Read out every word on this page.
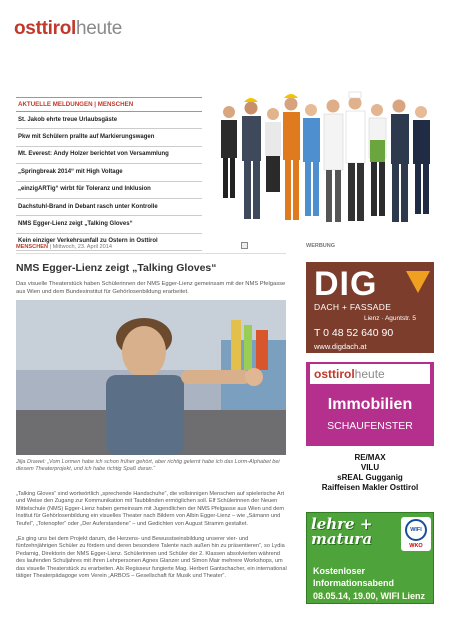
osttirolheute
AKTUELLE MELDUNGEN | MENSCHEN
St. Jakob ehrte treue Urlaubsgäste
Pkw mit Schülern prallte auf Markierungswagen
Mt. Everest: Andy Holzer berichtet von Versammlung
„Springbreak 2014“ mit High Voltage
„einzigARTig“ wirbt für Toleranz und Inklusion
Dachstuhl-Brand in Debant rasch unter Kontrolle
NMS Egger-Lienz zeigt „Talking Gloves“
Kein einziger Verkehrsunfall zu Ostern in Osttirol
MENSCHEN | Mittwoch, 23. April 2014
NMS Egger-Lienz zeigt „Talking Gloves“
Das visuelle Theaterstück haben Schülerinnen der NMS Egger-Lienz gemeinsam mit der NMS Pfelgasse aus Wien und dem Bundesinstitut für Gehörlosenbildung erarbeitet.
Jilja Drawel: „Vom Lormen habe ich schon früher gehört, aber richtig gelernt habe ich das Lorm-Alphabet bei diesem Theaterprojekt, und ich habe richtig Spaß daran.“
„Talking Gloves“ sind wortwörtlich „sprechende Handschuhe“, die vollsinnigen Menschen auf spielerische Art und Weise den Zugang zur Kommunikation mit Taubblinden ermöglichen soll. Elf Schülerinnen der Neuen Mittelschule (NMS) Egger-Lienz haben gemeinsam mit Jugendlichen der NMS Pfelgasse aus Wien und dem Institut für Gehörlosenbildung ein visuelles Theater nach Bildern von Albin Egger-Lienz – wie „Sämann und Teufel“, „Totenopfer“ oder „Der Auferstandene“ – und Gedichten von August Stramm gestaltet.
„Es ging uns bei dem Projekt darum, die Herzens- und Bewusstseinsbildung unserer vier- und fünfzehnjährigen Schüler zu fördern und deren besondere Talente nach außen hin zu präsentieren“, so Lydia Pedarnig, Direktorin der NMS Egger-Lienz. Schülerinnen und Schüler der 2. Klassen absolvierten während des laufenden Schuljahres mit ihren Lehrpersonen Agnes Glanzer und Simon Mair mehrere Workshops, um das visuelle Theaterstück zu erarbeiten. Als Regisseur fungierte Mag. Herbert Gantschacher, ein international tätiger Theaterpädagoge vom Verein „ARBOS – Gesellschaft für Musik und Theater“.
WERBUNG
DIG
DACH + FASSADE
Lienz · Aguntstr. 5
T 0 48 52 640 90
www.digdach.at
osttirolheute
Immobilien
SCHAUFENSTER
RE/MAX
VILU
sREAL Gugganig
Raiffeisen Makler Osttirol
lehre + matura	WIFI
WKO
Kostenloser
Informationsabend
08.05.14, 19.00, WIFI Lienz
